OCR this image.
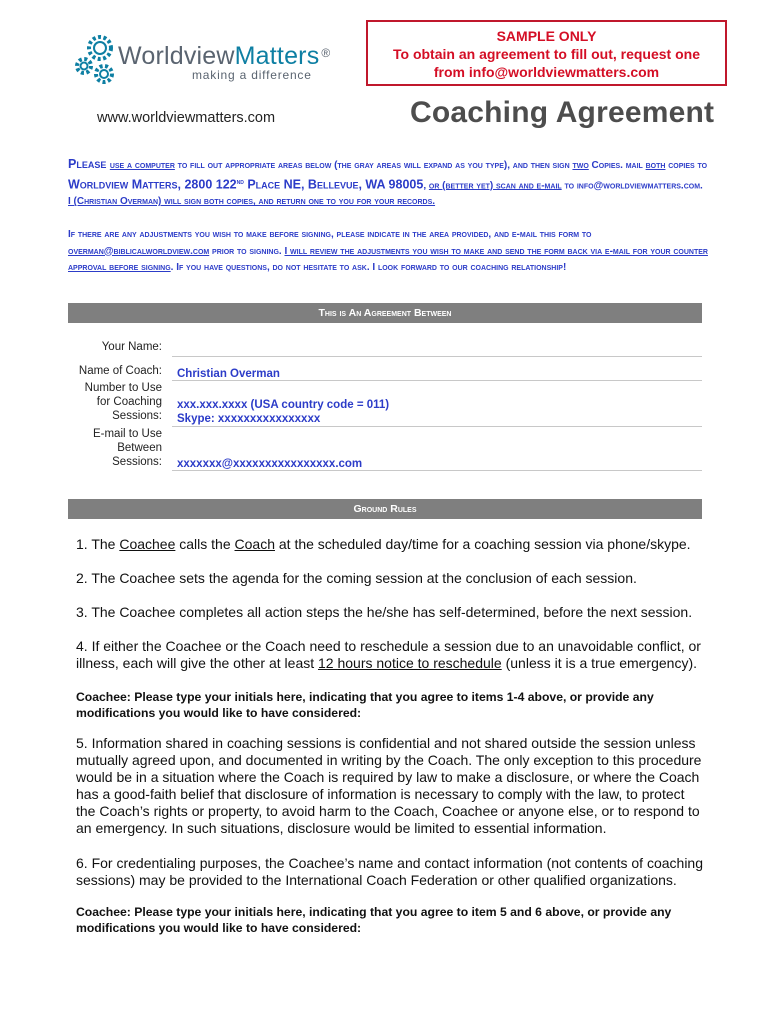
WorldviewMatters ®
making a difference
SAMPLE ONLY
To obtain an agreement to fill out, request one
from info@worldviewmatters.com
www.worldviewmatters.com	Coaching Agreement
Please use a computer to fill out appropriate areas below (the gray areas will expand as you type), and then sign two Copies. mail both copies to Worldview Matters, 2800 122nd Place NE, Bellevue, WA 98005, or (better yet) scan and e-mail to info@worldviewmatters.com. I (Christian Overman) will sign both copies, and return one to you for your records.
If there are any adjustments you wish to make before signing, please indicate in the area provided, and e-mail this form to overman@biblicalworldview.com prior to signing. I will review the adjustments you wish to make and send the form back via e-mail for your counter approval before signing. If you have questions, do not hesitate to ask. I look forward to our coaching relationship!
This is An Agreement Between
Your Name:
Name of Coach: Christian Overman
Number to Use
for Coaching
Sessions:
xxx.xxx.xxxx (USA country code = 011)
Skype: xxxxxxxxxxxxxxxx
E-mail to Use
Between
Sessions: xxxxxxx@xxxxxxxxxxxxxxxx.com
Ground Rules
1. The Coachee calls the Coach at the scheduled day/time for a coaching session via phone/skype.
2. The Coachee sets the agenda for the coming session at the conclusion of each session.
3. The Coachee completes all action steps the he/she has self-determined, before the next session.
4. If either the Coachee or the Coach need to reschedule a session due to an unavoidable conflict, or illness, each will give the other at least 12 hours notice to reschedule (unless it is a true emergency).
Coachee: Please type your initials here, indicating that you agree to items 1-4 above, or provide any modifications you would like to have considered:
5. Information shared in coaching sessions is confidential and not shared outside the session unless mutually agreed upon, and documented in writing by the Coach. The only exception to this procedure would be in a situation where the Coach is required by law to make a disclosure, or where the Coach has a good-faith belief that disclosure of information is necessary to comply with the law, to protect the Coach’s rights or property, to avoid harm to the Coach, Coachee or anyone else, or to respond to an emergency. In such situations, disclosure would be limited to essential information.
6. For credentialing purposes, the Coachee’s name and contact information (not contents of coaching sessions) may be provided to the International Coach Federation or other qualified organizations.
Coachee: Please type your initials here, indicating that you agree to item 5 and 6 above, or provide any modifications you would like to have considered:
